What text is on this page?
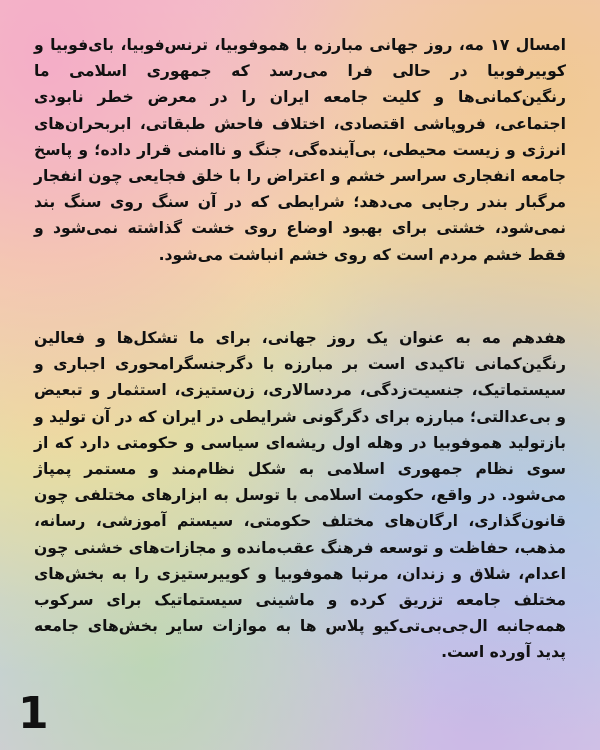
امسال ۱۷ مه، روز جهانی مبارزه با هموفوبیا، ترنس‌فوبیا، بای‌فوبیا و کوییرفوبیا در حالی فرا می‌رسد که جمهوری اسلامی ما رنگین‌کمانی‌ها و کلیت جامعه ایران را در معرض خطر نابودی اجتماعی، فروپاشی اقتصادی، اختلاف فاحش طبقاتی، ابربحران‌های انرژی و زیست محیطی، بی‌آینده‌گی، جنگ و ناامنی قرار داده؛ و پاسخ جامعه انفجاری سراسر خشم و اعتراض را با خلق فجایعی چون انفجار مرگبار بندر رجایی می‌دهد؛ شرایطی که در آن سنگ روی سنگ بند نمی‌شود، خشتی برای بهبود اوضاع روی خشت گذاشته نمی‌شود و فقط خشم مردم است که روی خشم انباشت می‌شود.

هفدهم مه به عنوان یک روز جهانی، برای ما تشکل‌ها و فعالین رنگین‌کمانی تاکیدی است بر مبارزه با دگرجنسگرامحوری اجباری و سیستماتیک، جنسیت‌زدگی، مردسالاری، زن‌ستیزی، استثمار و تبعیض و بی‌عدالتی؛ مبارزه برای دگرگونی شرایطی در ایران که در آن تولید و بازتولید هموفوبیا در وهله اول ریشه‌ای سیاسی و حکومتی دارد که از سوی نظام جمهوری اسلامی به شکل نظام‌مند و مستمر پمپاژ می‌شود. در واقع، حکومت اسلامی با توسل به ابزارهای مختلفی چون قانون‌گذاری، ارگان‌های مختلف حکومتی، سیستم آموزشی، رسانه، مذهب، حفاظت و توسعه فرهنگ عقب‌مانده و مجازات‌های خشنی چون اعدام، شلاق و زندان، مرتبا هموفوبیا و کوییرستیزی را به بخش‌های مختلف جامعه تزریق کرده و ماشینی سیستماتیک برای سرکوب همه‌جانبه ال‌جی‌بی‌تی‌کیو پلاس ها به موازات سایر بخش‌های جامعه پدید آورده است.

1
